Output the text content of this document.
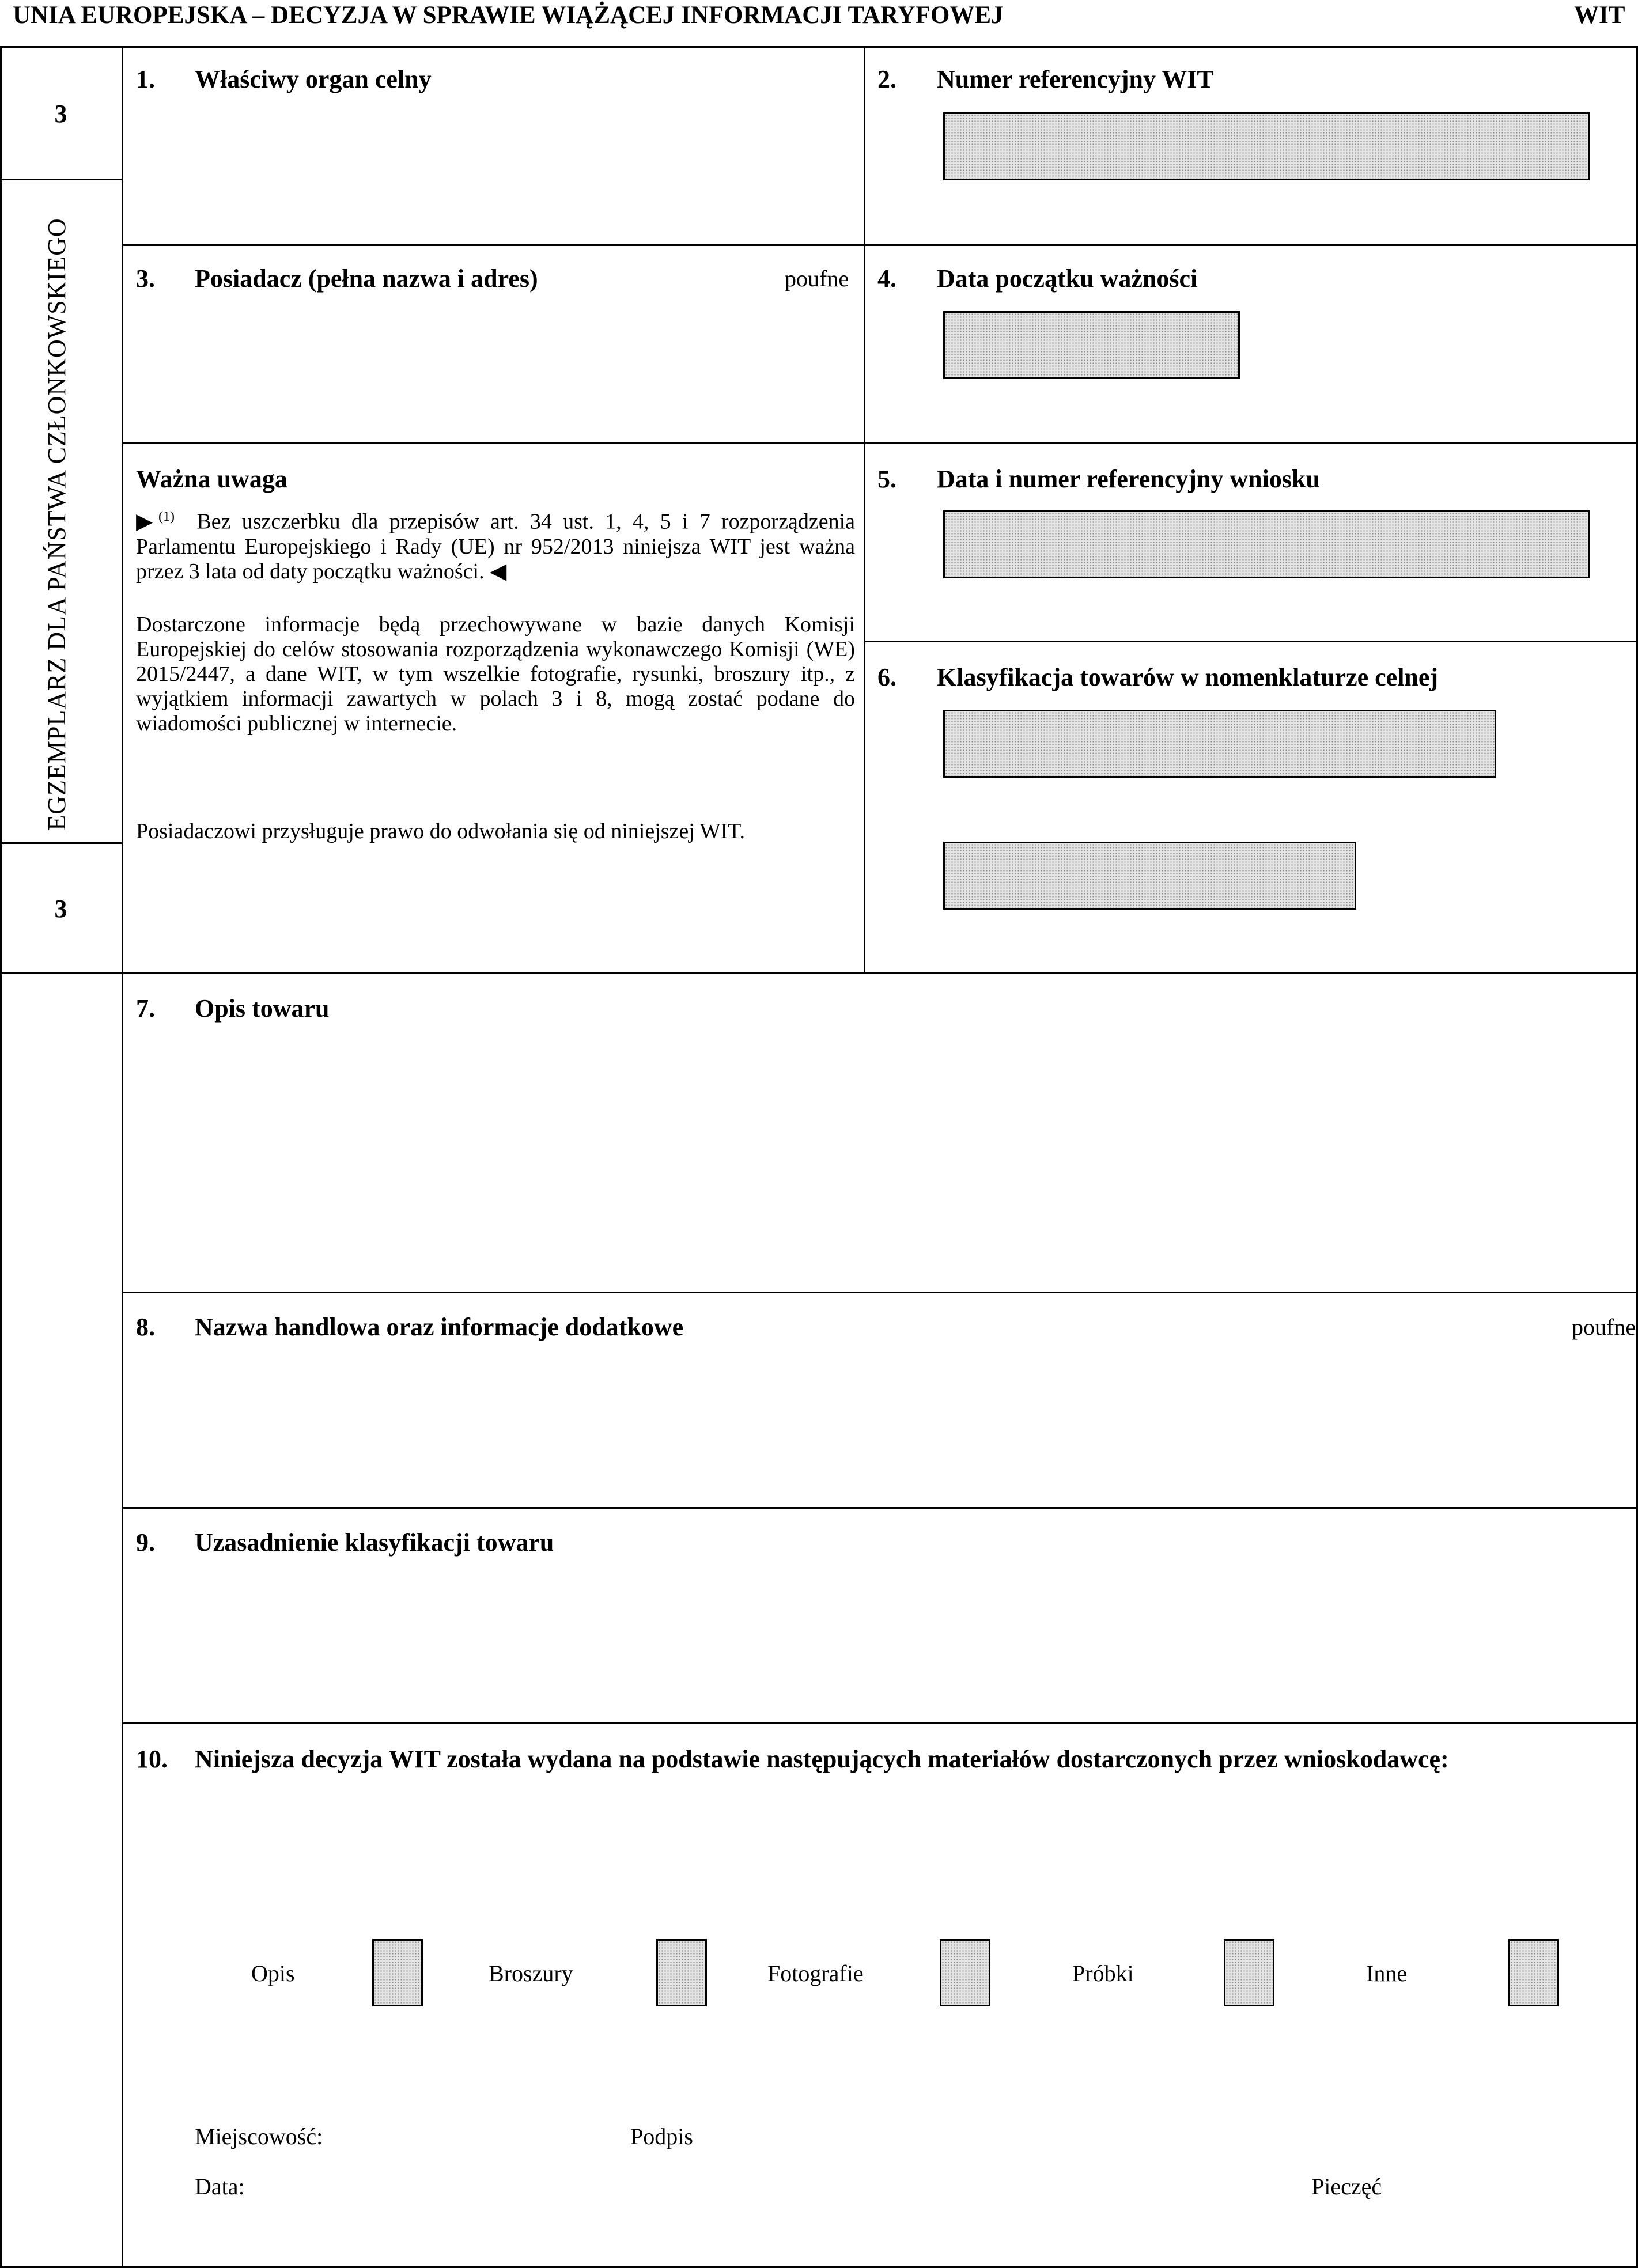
UNIA EUROPEJSKA – DECYZJA W SPRAWIE WIĄŻĄCEJ INFORMACJI TARYFOWEJ	WIT
3
3
EGZEMPLARZ DLA PAŃSTWA CZŁONKOWSKIEGO
1. Właściwy organ celny	2. Numer referencyjny WIT
3. Posiadacz (pełna nazwa i adres)	poufne 4. Data początku ważności
Ważna uwaga
▶$^{(1)}$ Bez uszczerbku dla przepisów art. 34 ust. 1, 4, 5 i 7 rozporządzenia Parlamentu Europejskiego i Rady (UE) nr 952/2013 niniejsza WIT jest ważna przez 3 lata od daty początku ważności. ◀
Dostarczone informacje będą przechowywane w bazie danych Komisji Europejskiej do celów stosowania rozporządzenia wykonawczego Komisji (WE) 2015/2447, a dane WIT, w tym wszelkie fotografie, rysunki, broszury itp., z wyjątkiem informacji zawartych w polach 3 i 8, mogą zostać podane do wiadomości publicznej w internecie.
Posiadaczowi przysługuje prawo do odwołania się od niniejszej WIT.
5. Data i numer referencyjny wniosku
6. Klasyfikacja towarów w nomenklaturze celnej
7. Opis towaru
8. Nazwa handlowa oraz informacje dodatkowe	poufne
9. Uzasadnienie klasyfikacji towaru
10. Niniejsza decyzja WIT została wydana na podstawie następujących materiałów dostarczonych przez wnioskodawcę:
Opis	Broszury	Fotografie	Próbki	Inne
Miejscowość:	Podpis
Data:	Pieczęć
